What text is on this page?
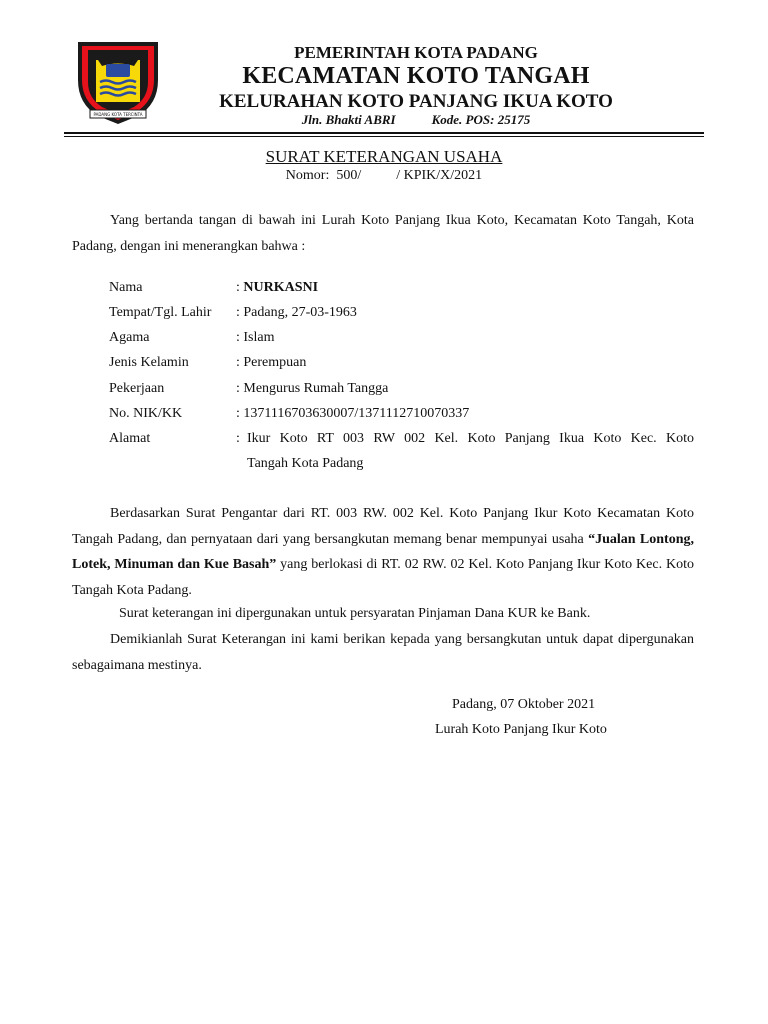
PADANG KOTA TERCINTA
PEMERINTAH KOTA PADANG
KECAMATAN KOTO TANGAH
KELURAHAN KOTO PANJANG IKUA KOTO
Jln. Bhakti ABRI	Kode. POS: 25175
SURAT KETERANGAN USAHA
Nomor:  500/          / KPIK/X/2021
Yang bertanda tangan di bawah ini Lurah Koto Panjang Ikua Koto, Kecamatan Koto Tangah, Kota Padang, dengan ini menerangkan bahwa :
Nama	: NURKASNI
Tempat/Tgl. Lahir : Padang, 27-03-1963
Agama	: Islam
Jenis Kelamin	: Perempuan
Pekerjaan	: Mengurus Rumah Tangga
No. NIK/KK	: 1371116703630007/1371112710070337
Alamat	: Ikur Koto RT 003 RW 002 Kel. Koto Panjang Ikua Koto Kec. Koto
Tangah Kota Padang
Berdasarkan Surat Pengantar dari RT. 003 RW. 002 Kel. Koto Panjang Ikur Koto Kecamatan Koto Tangah Padang, dan pernyataan dari yang bersangkutan memang benar mempunyai usaha “Jualan Lontong, Lotek, Minuman dan Kue Basah” yang berlokasi di RT. 02 RW. 02 Kel. Koto Panjang Ikur Koto Kec. Koto Tangah Kota Padang.
Surat keterangan ini dipergunakan untuk persyaratan Pinjaman Dana KUR ke Bank.
Demikianlah Surat Keterangan ini kami berikan kepada yang bersangkutan untuk dapat dipergunakan sebagaimana mestinya.
Padang, 07 Oktober 2021
Lurah Koto Panjang Ikur Koto
